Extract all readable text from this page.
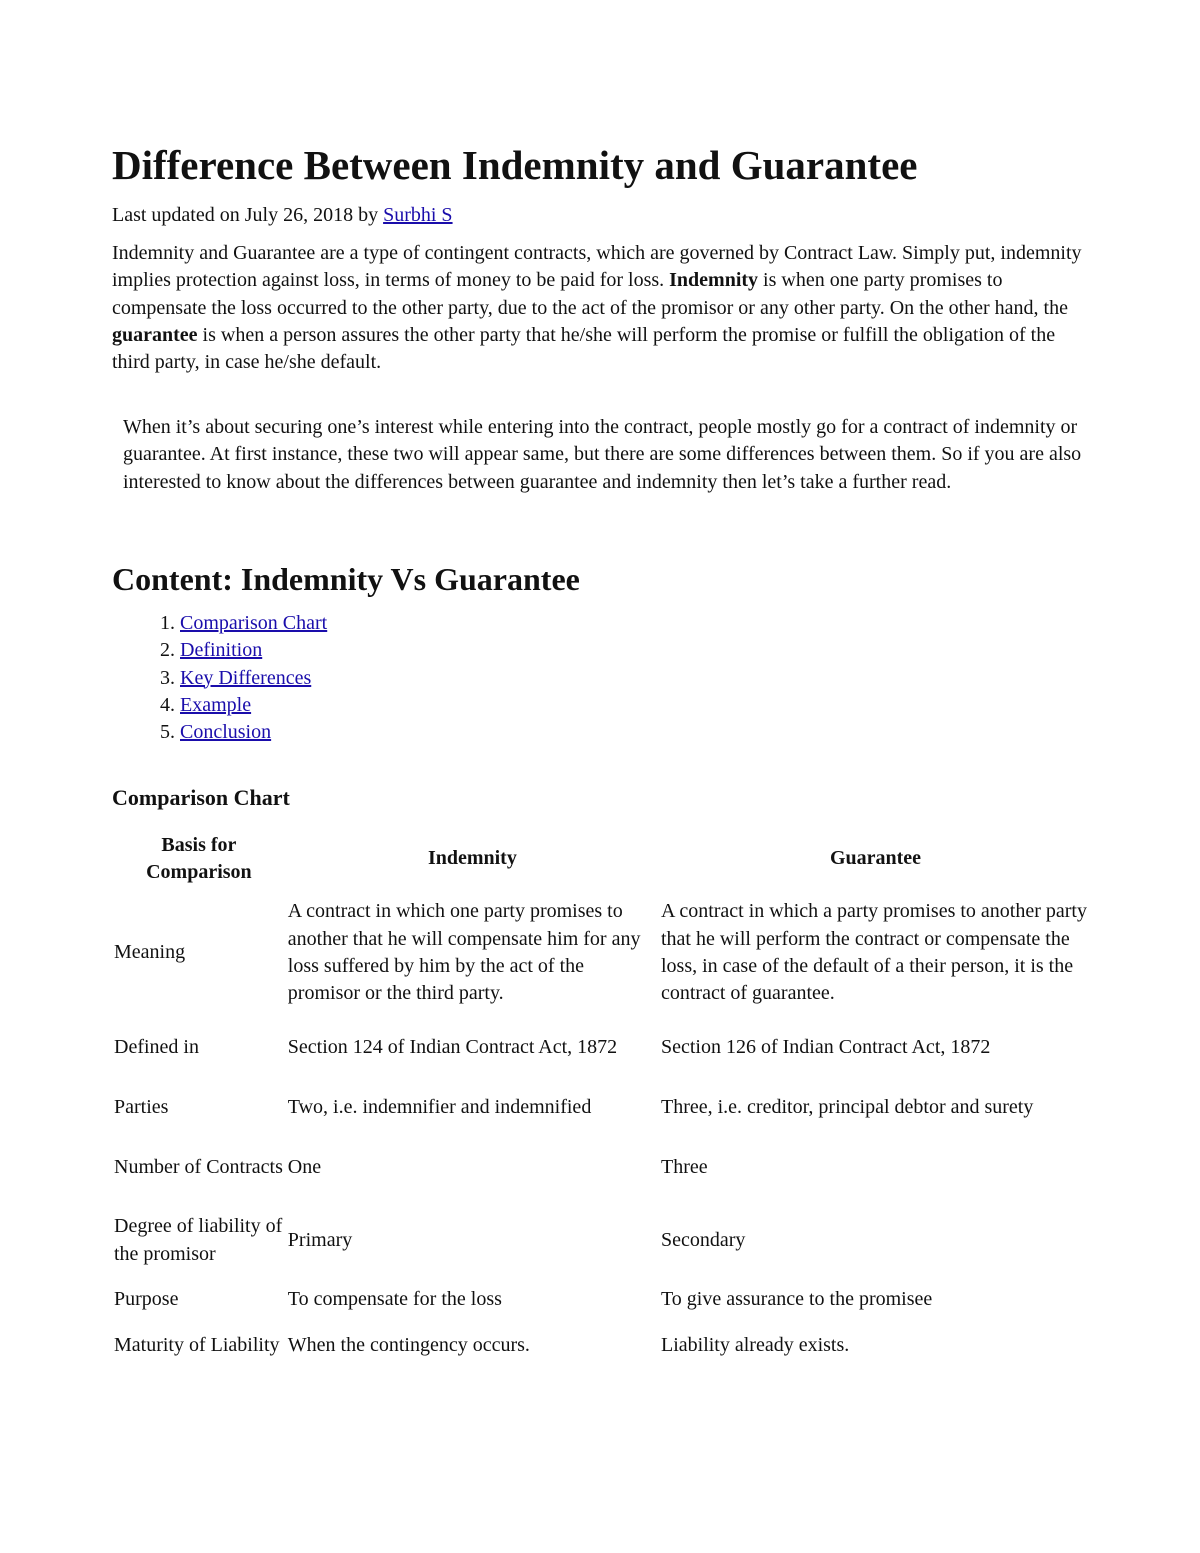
Difference Between Indemnity and Guarantee
Last updated on July 26, 2018 by Surbhi S

Indemnity and Guarantee are a type of contingent contracts, which are governed by Contract Law. Simply put, indemnity implies protection against loss, in terms of money to be paid for loss. Indemnity is when one party promises to compensate the loss occurred to the other party, due to the act of the promisor or any other party. On the other hand, the guarantee is when a person assures the other party that he/she will perform the promise or fulfill the obligation of the third party, in case he/she default.

When it’s about securing one’s interest while entering into the contract, people mostly go for a contract of indemnity or guarantee. At first instance, these two will appear same, but there are some differences between them. So if you are also interested to know about the differences between guarantee and indemnity then let’s take a further read.

Content: Indemnity Vs Guarantee
1. Comparison Chart
2. Definition
3. Key Differences
4. Example
5. Conclusion
Comparison Chart
Basis for Comparison	Indemnity	Guarantee
Meaning	A contract in which one party promises to another that he will compensate him for any loss suffered by him by the act of the promisor or the third party.	A contract in which a party promises to another party that he will perform the contract or compensate the loss, in case of the default of a their person, it is the contract of guarantee.
Defined in	Section 124 of Indian Contract Act, 1872	Section 126 of Indian Contract Act, 1872
Parties	Two, i.e. indemnifier and indemnified	Three, i.e. creditor, principal debtor and surety
Number of Contracts	One	Three
Degree of liability of the promisor	Primary	Secondary
Purpose	To compensate for the loss	To give assurance to the promisee
Maturity of Liability	When the contingency occurs.	Liability already exists.
